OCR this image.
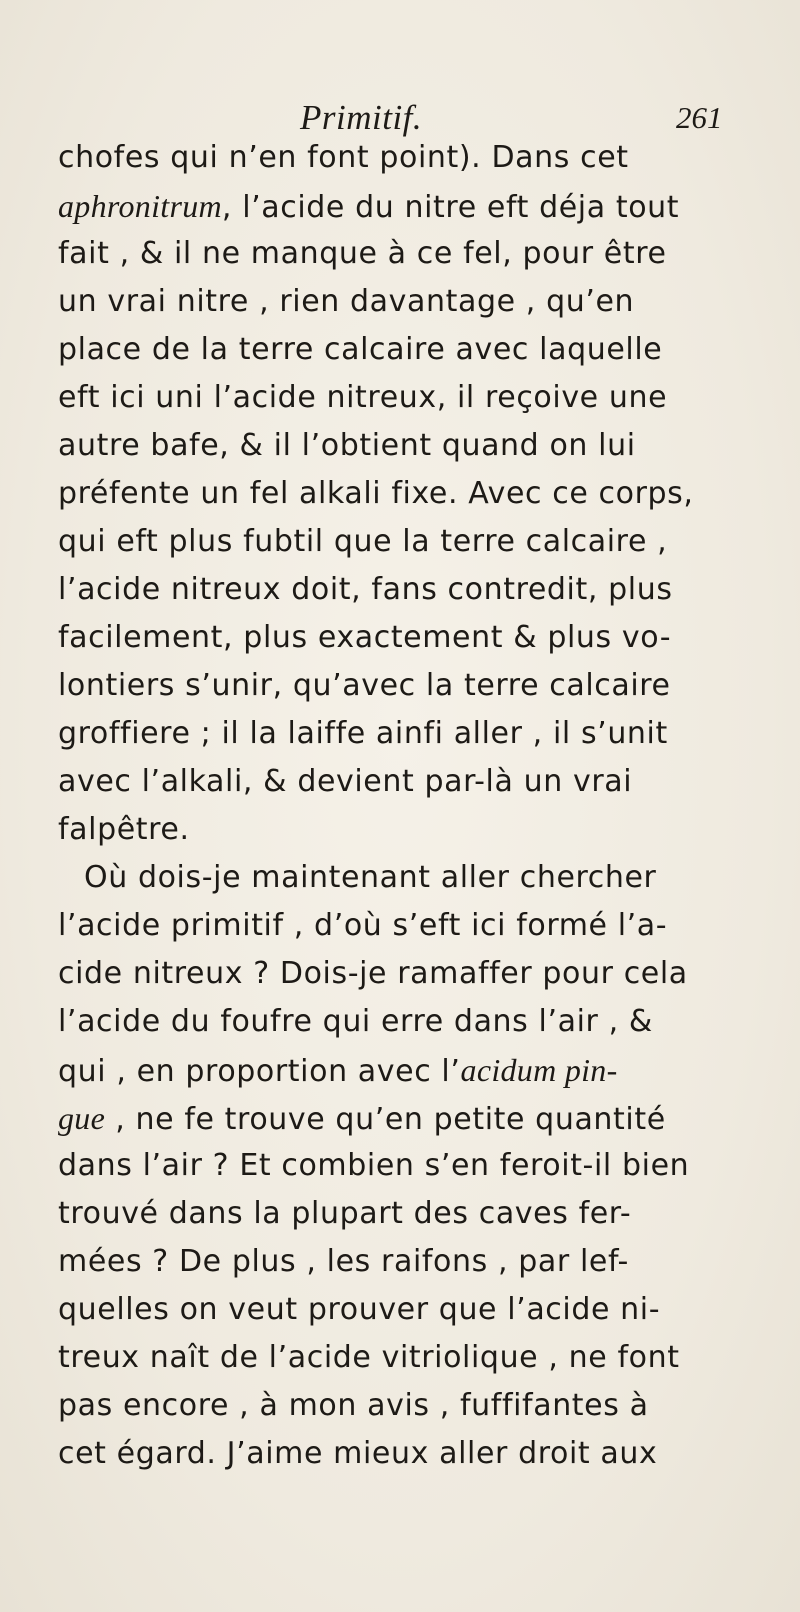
Primitif.	261
chofes qui n’en font point). Dans cet
aphronitrum, l’acide du nitre eft déja tout
fait , & il ne manque à ce fel, pour être
un vrai nitre , rien davantage , qu’en
place de la terre calcaire avec laquelle
eft ici uni l’acide nitreux, il reçoive une
autre bafe, & il l’obtient quand on lui
préfente un fel alkali fixe. Avec ce corps,
qui eft plus fubtil que la terre calcaire ,
l’acide nitreux doit, fans contredit, plus
facilement, plus exactement & plus vo-
lontiers s’unir, qu’avec la terre calcaire
groffiere ; il la laiffe ainfi aller , il s’unit
avec l’alkali, & devient par-là un vrai
falpêtre.
Où dois-je maintenant aller chercher
l’acide primitif , d’où s’eft ici formé l’a-
cide nitreux ? Dois-je ramaffer pour cela
l’acide du foufre qui erre dans l’air , &
qui , en proportion avec l’acidum pin-
gue , ne fe trouve qu’en petite quantité
dans l’air ? Et combien s’en feroit-il bien
trouvé dans la plupart des caves fer-
mées ? De plus , les raifons , par lef-
quelles on veut prouver que l’acide ni-
treux naît de l’acide vitriolique , ne font
pas encore , à mon avis , fuffifantes à
cet égard. J’aime mieux aller droit aux
